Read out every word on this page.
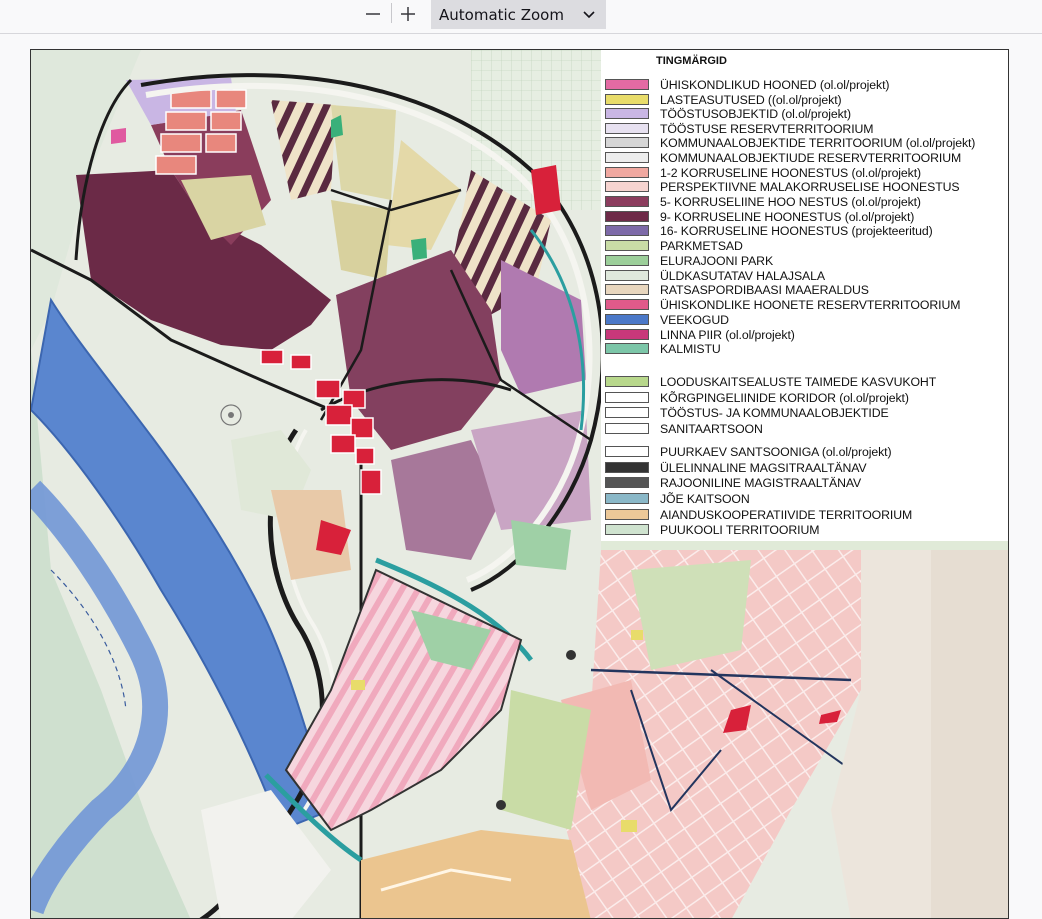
Automatic Zoom
TINGMÄRGID
ÜHISKONDLIKUD HOONED (ol.ol/projekt)
LASTEASUTUSED ((ol.ol/projekt)
TÖÖSTUSOBJEKTID (ol.ol/projekt)
TÖÖSTUSE RESERVTERRITOORIUM
KOMMUNAALOBJEKTIDE TERRITOORIUM (ol.ol/projekt)
KOMMUNAALOBJEKTIUDE RESERVTERRITOORIUM
1-2 KORRUSELINE HOONESTUS (ol.ol/projekt)
PERSPEKTIIVNE MALAKORRUSELISE HOONESTUS
5- KORRUSELIINE HOO NESTUS (ol.ol/projekt)
9- KORRUSELINE HOONESTUS (ol.ol/projekt)
16- KORRUSELINE HOONESTUS (projekteeritud)
PARKMETSAD
ELURAJOONI PARK
ÜLDKASUTATAV HALAJSALA
RATSASPORDIBAASI MAAERALDUS
ÜHISKONDLIKE HOONETE RESERVTERRITOORIUM
VEEKOGUD
LINNA PIIR (ol.ol/projekt)
KALMISTU
LOODUSKAITSEALUSTE TAIMEDE KASVUKOHT
KÕRGPINGELIINIDE KORIDOR (ol.ol/projekt)
TÖÖSTUS- JA KOMMUNAALOBJEKTIDE
SANITAARTSOON
PUURKAEV SANTSOONIGA (ol.ol/projekt)
ÜLELINNALINE MAGSITRAALTÄNAV
RAJOONILINE MAGISTRAALTÄNAV
JÕE KAITSOON
AIANDUSKOOPERATIIVIDE TERRITOORIUM
PUUKOOLI TERRITOORIUM
